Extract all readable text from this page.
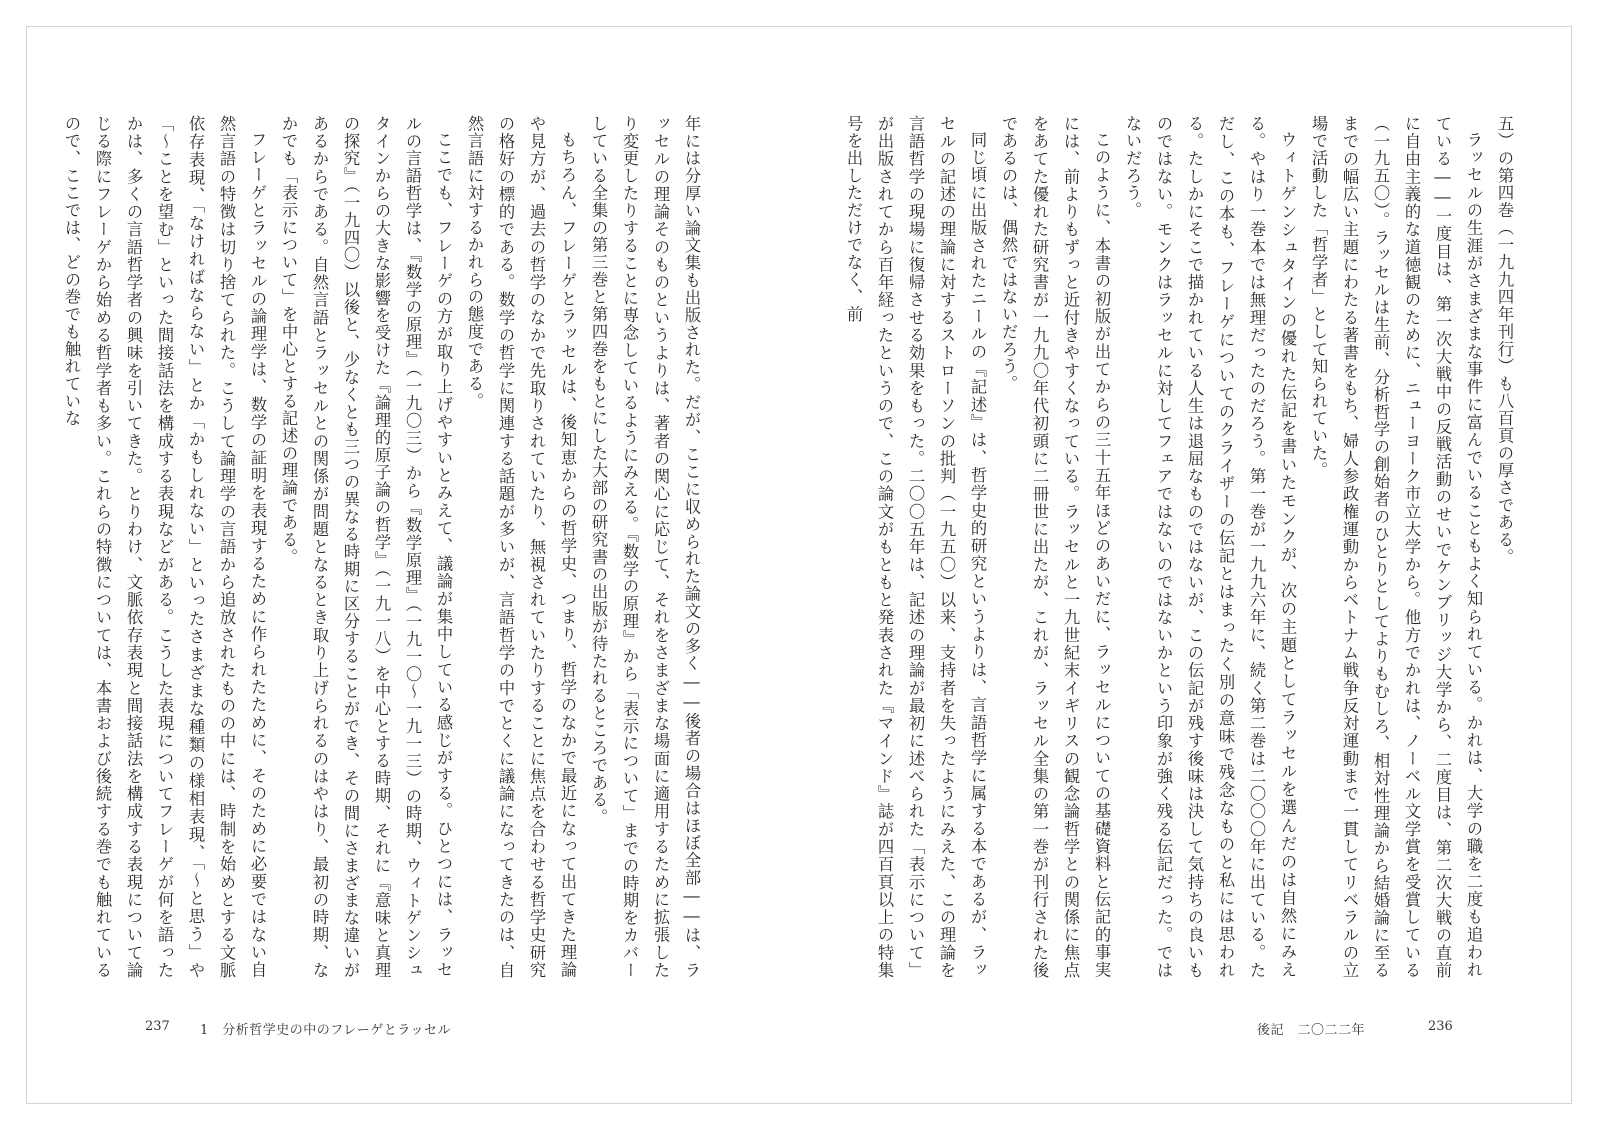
五）の第四巻（一九九四年刊行）も八百頁の厚さである。

ラッセルの生涯がさまざまな事件に富んでいることもよく知られている。かれは、大学の職を二度も追われている――一度目は、第一次大戦中の反戦活動のせいでケンブリッジ大学から、二度目は、第二次大戦の直前に自由主義的な道徳観のために、ニューヨーク市立大学から。他方でかれは、ノーベル文学賞を受賞している（一九五〇）。ラッセルは生前、分析哲学の創始者のひとりとしてよりもむしろ、相対性理論から結婚論に至るまでの幅広い主題にわたる著書をもち、婦人参政権運動からベトナム戦争反対運動まで一貫してリベラルの立場で活動した「哲学者」として知られていた。

ウィトゲンシュタインの優れた伝記を書いたモンクが、次の主題としてラッセルを選んだのは自然にみえる。やはり一巻本では無理だったのだろう。第一巻が一九九六年に、続く第二巻は二〇〇〇年に出ている。ただし、この本も、フレーゲについてのクライザーの伝記とはまったく別の意味で残念なものと私には思われる。たしかにそこで描かれている人生は退屈なものではないが、この伝記が残す後味は決して気持ちの良いものではない。モンクはラッセルに対してフェアではないのではないかという印象が強く残る伝記だった。ではないだろう。

このように、本書の初版が出てからの三十五年ほどのあいだに、ラッセルについての基礎資料と伝記的事実には、前よりもずっと近付きやすくなっている。ラッセルと一九世紀末イギリスの観念論哲学との関係に焦点をあてた優れた研究書が一九九〇年代初頭に二冊世に出たが、これが、ラッセル全集の第一巻が刊行された後であるのは、偶然ではないだろう。

同じ頃に出版されたニールの『記述』は、哲学史的研究というよりは、言語哲学に属する本であるが、ラッセルの記述の理論に対するストローソンの批判（一九五〇）以来、支持者を失ったようにみえた、この理論を言語哲学の現場に復帰させる効果をもった。二〇〇五年は、記述の理論が最初に述べられた「表示について」が出版されてから百年経ったというので、この論文がもともと発表された『マインド』誌が四百頁以上の特集号を出しただけでなく、前

後記　二〇二二年	236

年には分厚い論文集も出版された。だが、ここに収められた論文の多く――後者の場合はほぼ全部――は、ラッセルの理論そのものというよりは、著者の関心に応じて、それをさまざまな場面に適用するために拡張したり変更したりすることに専念しているようにみえる。『数学の原理』から「表示について」までの時期をカバーしている全集の第三巻と第四巻をもとにした大部の研究書の出版が待たれるところである。

もちろん、フレーゲとラッセルは、後知恵からの哲学史、つまり、哲学のなかで最近になって出てきた理論や見方が、過去の哲学のなかで先取りされていたり、無視されていたりすることに焦点を合わせる哲学史研究の格好の標的である。数学の哲学に関連する話題が多いが、言語哲学の中でとくに議論になってきたのは、自然言語に対するかれらの態度である。

ここでも、フレーゲの方が取り上げやすいとみえて、議論が集中している感じがする。ひとつには、ラッセルの言語哲学は、『数学の原理』（一九〇三）から『数学原理』（一九一〇～一九一三）の時期、ウィトゲンシュタインからの大きな影響を受けた『論理的原子論の哲学』（一九一八）を中心とする時期、それに『意味と真理の探究』（一九四〇）以後と、少なくとも三つの異なる時期に区分することができ、その間にさまざまな違いがあるからである。自然言語とラッセルとの関係が問題となるとき取り上げられるのはやはり、最初の時期、なかでも「表示について」を中心とする記述の理論である。

フレーゲとラッセルの論理学は、数学の証明を表現するために作られたために、そのために必要ではない自然言語の特徴は切り捨てられた。こうして論理学の言語から追放されたものの中には、時制を始めとする文脈依存表現、「なければならない」とか「かもしれない」といったさまざまな種類の様相表現、「〜と思う」や「〜ことを望む」といった間接話法を構成する表現などがある。こうした表現についてフレーゲが何を語ったかは、多くの言語哲学者の興味を引いてきた。とりわけ、文脈依存表現と間接話法を構成する表現について論じる際にフレーゲから始める哲学者も多い。これらの特徴については、本書および後続する巻でも触れているので、ここでは、どの巻でも触れていな

237 1　分析哲学史の中のフレーゲとラッセル
